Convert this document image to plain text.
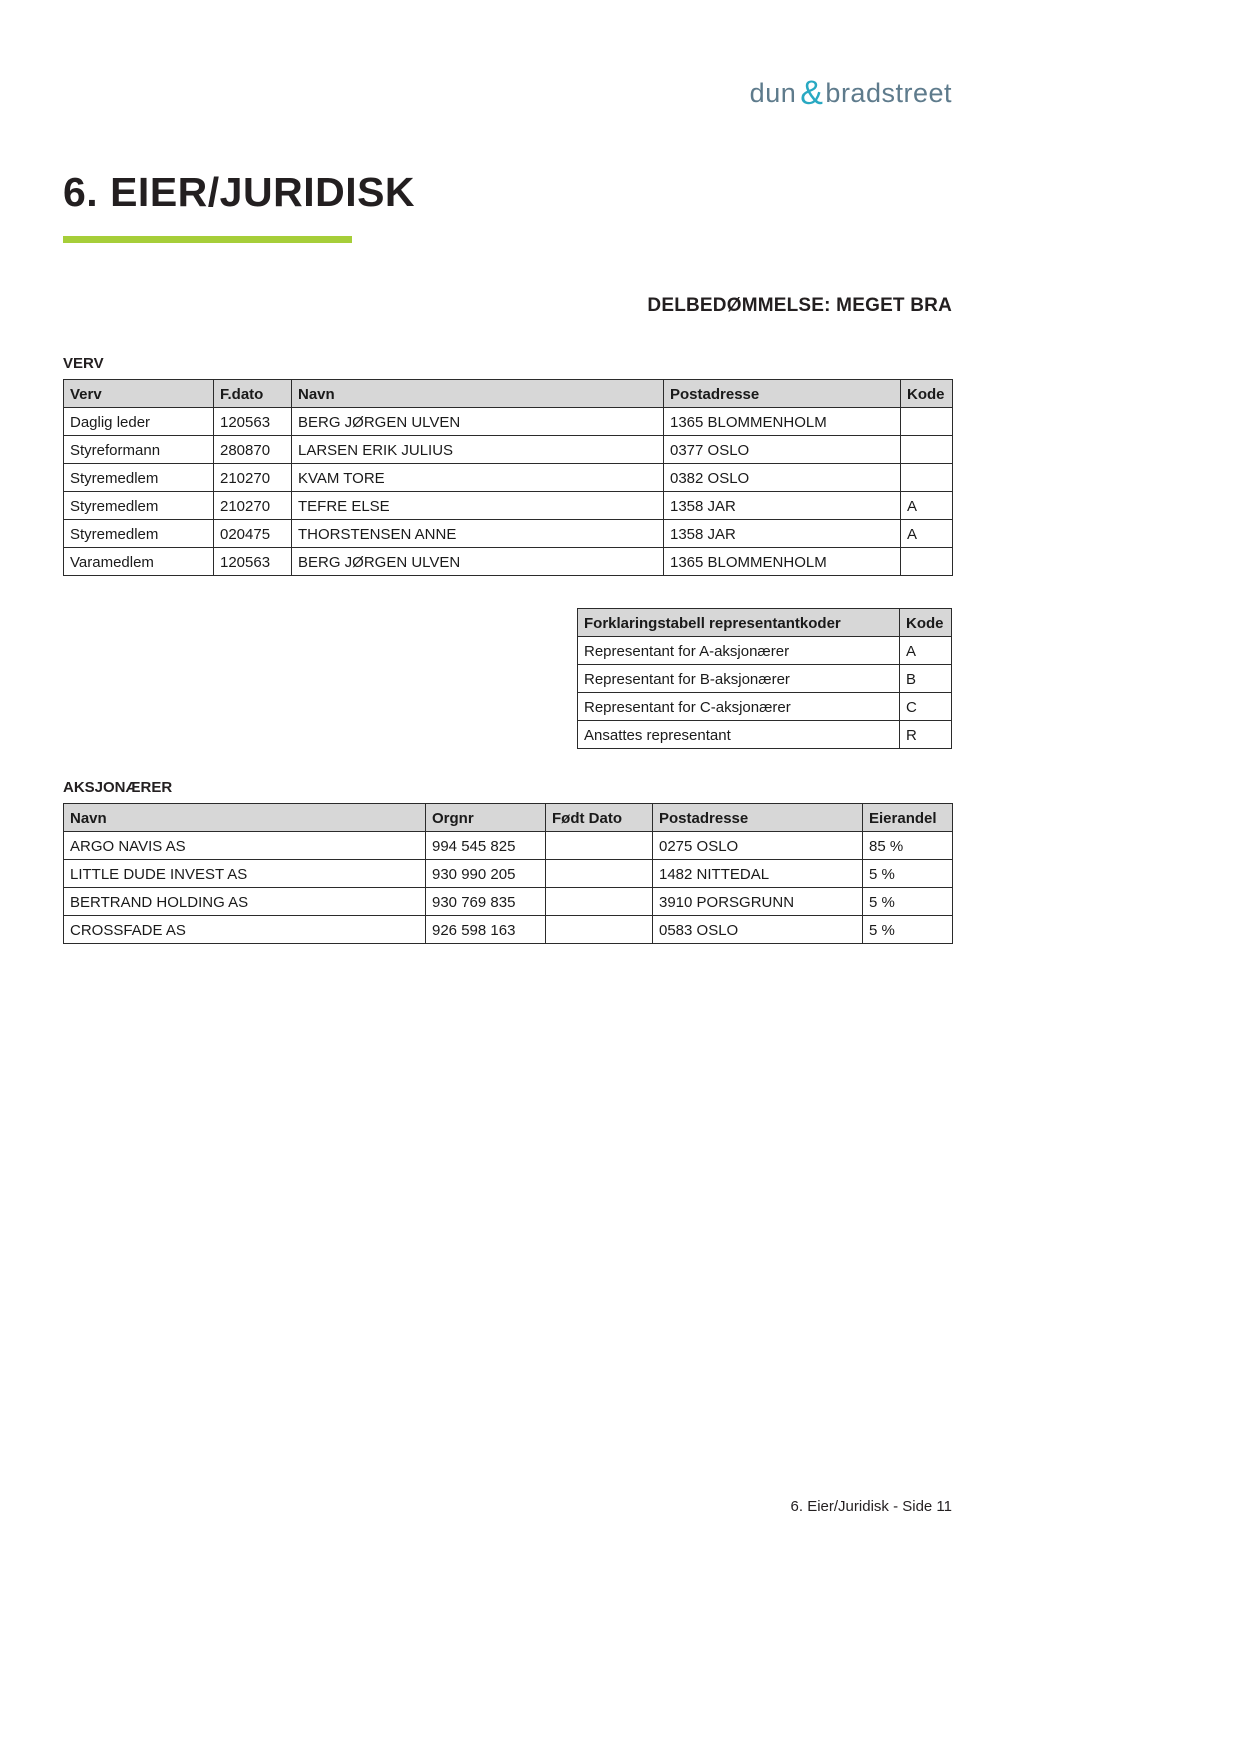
dun & bradstreet
6. EIER/JURIDISK
DELBEDØMMELSE: MEGET BRA
VERV
Verv	F.dato	Navn	Postadresse	Kode
Daglig leder	120563	BERG JØRGEN ULVEN	1365 BLOMMENHOLM	
Styreformann	280870	LARSEN ERIK JULIUS	0377 OSLO	
Styremedlem	210270	KVAM TORE	0382 OSLO	
Styremedlem	210270	TEFRE ELSE	1358 JAR	A
Styremedlem	020475	THORSTENSEN ANNE	1358 JAR	A
Varamedlem	120563	BERG JØRGEN ULVEN	1365 BLOMMENHOLM	
Forklaringstabell representantkoder	Kode
Representant for A-aksjonærer	A
Representant for B-aksjonærer	B
Representant for C-aksjonærer	C
Ansattes representant	R
AKSJONÆRER
Navn	Orgnr	Født Dato	Postadresse	Eierandel
ARGO NAVIS AS	994 545 825		0275 OSLO	85 %
LITTLE DUDE INVEST AS	930 990 205		1482 NITTEDAL	5 %
BERTRAND HOLDING AS	930 769 835		3910 PORSGRUNN	5 %
CROSSFADE AS	926 598 163		0583 OSLO	5 %
6. Eier/Juridisk - Side 11
